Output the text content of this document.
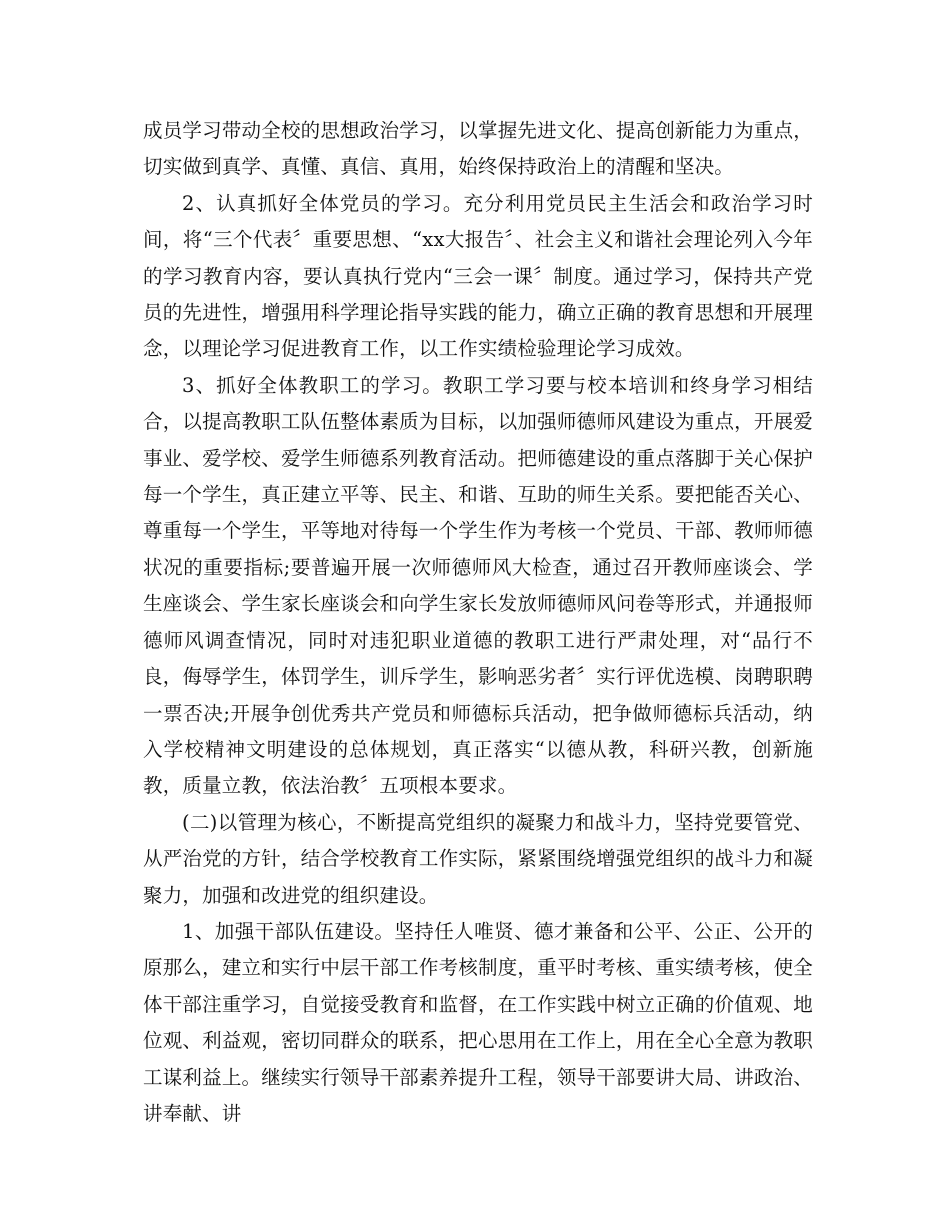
成员学习带动全校的思想政治学习，以掌握先进文化、提高创新能力为重点，切实做到真学、真懂、真信、真用，始终保持政治上的清醒和坚决。

2、认真抓好全体党员的学习。充分利用党员民主生活会和政治学习时间，将“三个代表〞重要思想、“xx大报告〞、社会主义和谐社会理论列入今年的学习教育内容，要认真执行党内“三会一课〞制度。通过学习，保持共产党员的先进性，增强用科学理论指导实践的能力，确立正确的教育思想和开展理念，以理论学习促进教育工作，以工作实绩检验理论学习成效。

3、抓好全体教职工的学习。教职工学习要与校本培训和终身学习相结合，以提高教职工队伍整体素质为目标，以加强师德师风建设为重点，开展爱事业、爱学校、爱学生师德系列教育活动。把师德建设的重点落脚于关心保护每一个学生，真正建立平等、民主、和谐、互助的师生关系。要把能否关心、尊重每一个学生，平等地对待每一个学生作为考核一个党员、干部、教师师德状况的重要指标;要普遍开展一次师德师风大检查，通过召开教师座谈会、学生座谈会、学生家长座谈会和向学生家长发放师德师风问卷等形式，并通报师德师风调查情况，同时对违犯职业道德的教职工进行严肃处理，对“品行不良，侮辱学生，体罚学生，训斥学生，影响恶劣者〞实行评优选模、岗聘职聘一票否决;开展争创优秀共产党员和师德标兵活动，把争做师德标兵活动，纳入学校精神文明建设的总体规划，真正落实“以德从教，科研兴教，创新施教，质量立教，依法治教〞五项根本要求。

(二)以管理为核心，不断提高党组织的凝聚力和战斗力，坚持党要管党、从严治党的方针，结合学校教育工作实际，紧紧围绕增强党组织的战斗力和凝聚力，加强和改进党的组织建设。

1、加强干部队伍建设。坚持任人唯贤、德才兼备和公平、公正、公开的原那么，建立和实行中层干部工作考核制度，重平时考核、重实绩考核，使全体干部注重学习，自觉接受教育和监督，在工作实践中树立正确的价值观、地位观、利益观，密切同群众的联系，把心思用在工作上，用在全心全意为教职工谋利益上。继续实行领导干部素养提升工程，领导干部要讲大局、讲政治、讲奉献、讲
